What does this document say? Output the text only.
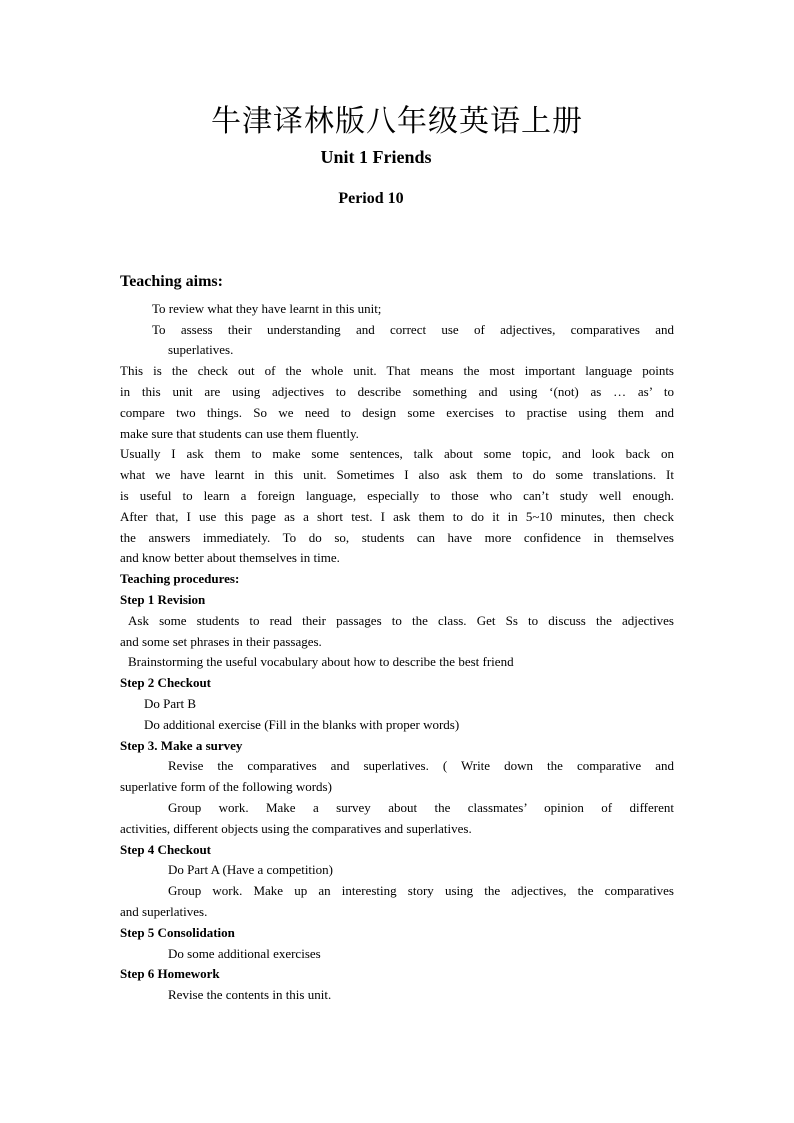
牛津译林版八年级英语上册
Unit 1 Friends
Period 10
Teaching aims:
To review what they have learnt in this unit;
To assess their understanding and correct use of adjectives, comparatives and
superlatives.
This is the check out of the whole unit. That means the most important language points
in this unit are using adjectives to describe something and using ‘(not) as … as’ to
compare two things. So we need to design some exercises to practise using them and
make sure that students can use them fluently.
Usually I ask them to make some sentences, talk about some topic, and look back on
what we have learnt in this unit. Sometimes I also ask them to do some translations. It
is useful to learn a foreign language, especially to those who can’t study well enough.
After that, I use this page as a short test. I ask them to do it in 5~10 minutes, then check
the answers immediately. To do so, students can have more confidence in themselves
and know better about themselves in time.
Teaching procedures:
Step 1 Revision
Ask some students to read their passages to the class. Get Ss to discuss the adjectives
and some set phrases in their passages.
Brainstorming the useful vocabulary about how to describe the best friend
Step 2 Checkout
Do Part B
Do additional exercise (Fill in the blanks with proper words)
Step 3. Make a survey
Revise the comparatives and superlatives. ( Write down the comparative and
superlative form of the following words)
Group work. Make a survey about the classmates’ opinion of different
activities, different objects using the comparatives and superlatives.
Step 4 Checkout
Do Part A (Have a competition)
Group work. Make up an interesting story using the adjectives, the comparatives
and superlatives.
Step 5 Consolidation
Do some additional exercises
Step 6 Homework
Revise the contents in this unit.
